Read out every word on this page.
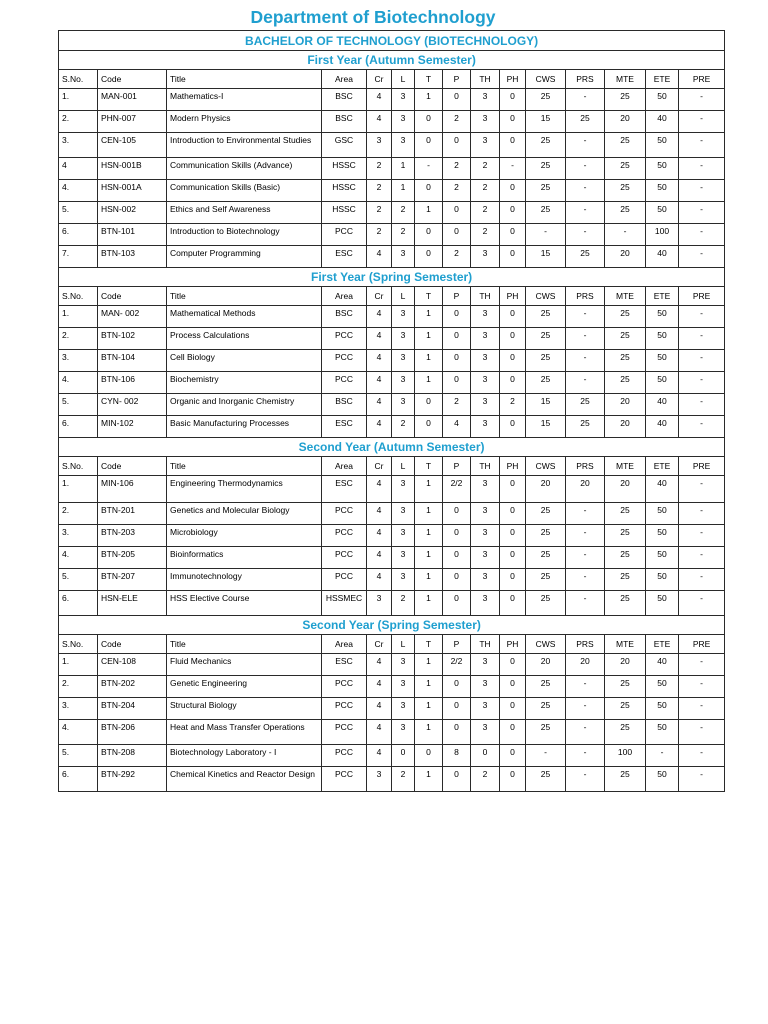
Department of Biotechnology
BACHELOR OF TECHNOLOGY (BIOTECHNOLOGY)														
First Year (Autumn Semester)														
S.No.	Code	Title	Area	Cr	L	T	P	TH	PH	CWS	PRS	MTE	ETE	PRE
1.	MAN-001	Mathematics-I	BSC	4	3	1	0	3	0	25	-	25	50	-
2.	PHN-007	Modern Physics	BSC	4	3	0	2	3	0	15	25	20	40	-
3.	CEN-105	Introduction to Environmental Studies	GSC	3	3	0	0	3	0	25	-	25	50	-
4	HSN-001B	Communication Skills (Advance)	HSSC	2	1	-	2	2	-	25	-	25	50	-
4.	HSN-001A	Communication Skills (Basic)	HSSC	2	1	0	2	2	0	25	-	25	50	-
5.	HSN-002	Ethics and Self Awareness	HSSC	2	2	1	0	2	0	25	-	25	50	-
6.	BTN-101	Introduction to Biotechnology	PCC	2	2	0	0	2	0	-	-	-	100	-
7.	BTN-103	Computer Programming	ESC	4	3	0	2	3	0	15	25	20	40	-
First Year (Spring Semester)														
S.No.	Code	Title	Area	Cr	L	T	P	TH	PH	CWS	PRS	MTE	ETE	PRE
1.	MAN- 002	Mathematical Methods	BSC	4	3	1	0	3	0	25	-	25	50	-
2.	BTN-102	Process Calculations	PCC	4	3	1	0	3	0	25	-	25	50	-
3.	BTN-104	Cell Biology	PCC	4	3	1	0	3	0	25	-	25	50	-
4.	BTN-106	Biochemistry	PCC	4	3	1	0	3	0	25	-	25	50	-
5.	CYN- 002	Organic and Inorganic Chemistry	BSC	4	3	0	2	3	2	15	25	20	40	-
6.	MIN-102	Basic Manufacturing Processes	ESC	4	2	0	4	3	0	15	25	20	40	-
Second Year (Autumn Semester)														
S.No.	Code	Title	Area	Cr	L	T	P	TH	PH	CWS	PRS	MTE	ETE	PRE
1.	MIN-106	Engineering Thermodynamics	ESC	4	3	1	2/2	3	0	20	20	20	40	-
2.	BTN-201	Genetics and Molecular Biology	PCC	4	3	1	0	3	0	25	-	25	50	-
3.	BTN-203	Microbiology	PCC	4	3	1	0	3	0	25	-	25	50	-
4.	BTN-205	Bioinformatics	PCC	4	3	1	0	3	0	25	-	25	50	-
5.	BTN-207	Immunotechnology	PCC	4	3	1	0	3	0	25	-	25	50	-
6.	HSN-ELE	HSS Elective Course	HSSMEC	3	2	1	0	3	0	25	-	25	50	-
Second Year (Spring Semester)														
S.No.	Code	Title	Area	Cr	L	T	P	TH	PH	CWS	PRS	MTE	ETE	PRE
1.	CEN-108	Fluid Mechanics	ESC	4	3	1	2/2	3	0	20	20	20	40	-
2.	BTN-202	Genetic Engineering	PCC	4	3	1	0	3	0	25	-	25	50	-
3.	BTN-204	Structural Biology	PCC	4	3	1	0	3	0	25	-	25	50	-
4.	BTN-206	Heat and Mass Transfer Operations	PCC	4	3	1	0	3	0	25	-	25	50	-
5.	BTN-208	Biotechnology Laboratory - I	PCC	4	0	0	8	0	0	-	-	100	-	-
6.	BTN-292	Chemical Kinetics and Reactor Design	PCC	3	2	1	0	2	0	25	-	25	50	-
